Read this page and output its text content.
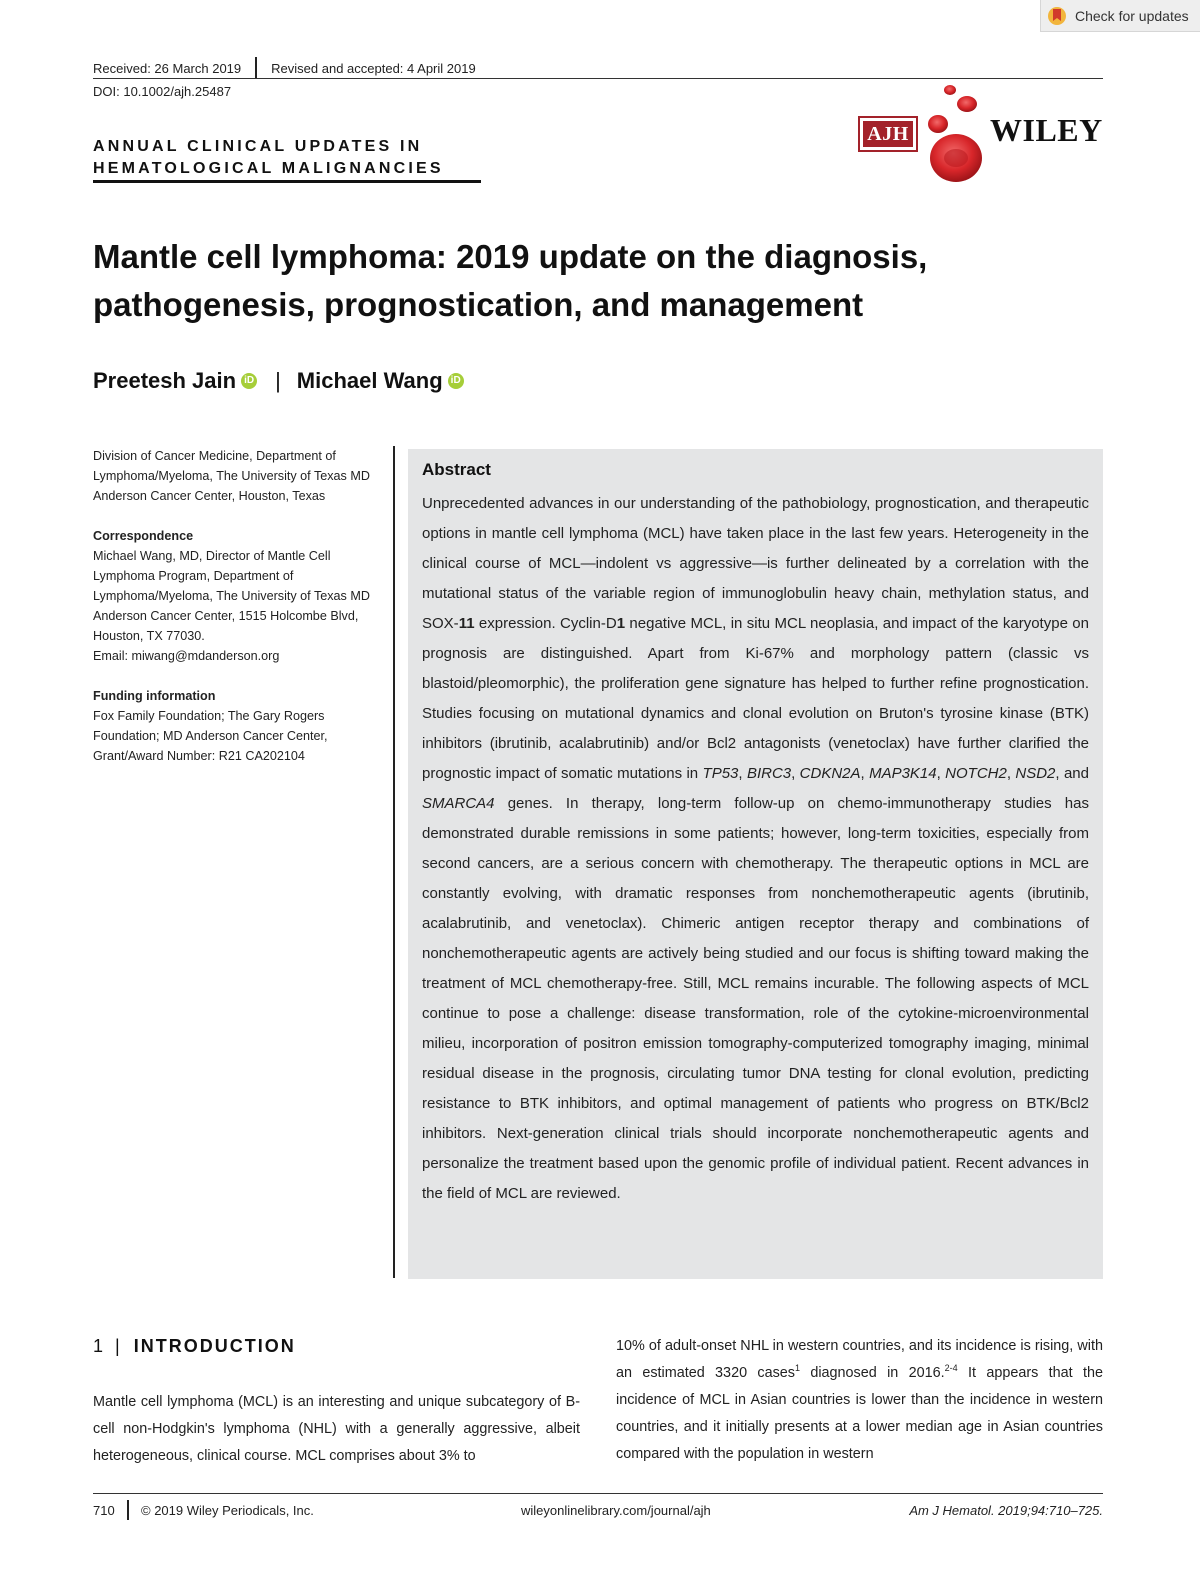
Check for updates
Received: 26 March 2019 Revised and accepted: 4 April 2019
DOI: 10.1002/ajh.25487
ANNUAL CLINICAL UPDATES IN
HEMATOLOGICAL MALIGNANCIES
AJH	WILEY
Mantle cell lymphoma: 2019 update on the diagnosis,
pathogenesis, prognostication, and management
Preetesh Jain iD | Michael Wang iD

Division of Cancer Medicine, Department of Lymphoma/Myeloma, The University of Texas MD Anderson Cancer Center, Houston, Texas

Correspondence
Michael Wang, MD, Director of Mantle Cell Lymphoma Program, Department of Lymphoma/Myeloma, The University of Texas MD Anderson Cancer Center, 1515 Holcombe Blvd, Houston, TX 77030.
Email: miwang@mdanderson.org

Funding information
Fox Family Foundation; The Gary Rogers Foundation; MD Anderson Cancer Center, Grant/Award Number: R21 CA202104

Abstract
Unprecedented advances in our understanding of the pathobiology, prognostication, and therapeutic options in mantle cell lymphoma (MCL) have taken place in the last few years. Heterogeneity in the clinical course of MCL—indolent vs aggressive—is further delineated by a correlation with the mutational status of the variable region of immunoglobulin heavy chain, methylation status, and SOX-11 expression. Cyclin-D1 negative MCL, in situ MCL neoplasia, and impact of the karyotype on prognosis are distinguished. Apart from Ki-67% and morphology pattern (classic vs blastoid/pleomorphic), the proliferation gene signature has helped to further refine prognostication. Studies focusing on mutational dynamics and clonal evolution on Bruton's tyrosine kinase (BTK) inhibitors (ibrutinib, acalabrutinib) and/or Bcl2 antagonists (venetoclax) have further clarified the prognostic impact of somatic mutations in TP53, BIRC3, CDKN2A, MAP3K14, NOTCH2, NSD2, and SMARCA4 genes. In therapy, long-term follow-up on chemo-immunotherapy studies has demonstrated durable remissions in some patients; however, long-term toxicities, especially from second cancers, are a serious concern with chemotherapy. The therapeutic options in MCL are constantly evolving, with dramatic responses from nonchemotherapeutic agents (ibrutinib, acalabrutinib, and venetoclax). Chimeric antigen receptor therapy and combinations of nonchemotherapeutic agents are actively being studied and our focus is shifting toward making the treatment of MCL chemotherapy-free. Still, MCL remains incurable. The following aspects of MCL continue to pose a challenge: disease transformation, role of the cytokine-microenvironmental milieu, incorporation of positron emission tomography-computerized tomography imaging, minimal residual disease in the prognosis, circulating tumor DNA testing for clonal evolution, predicting resistance to BTK inhibitors, and optimal management of patients who progress on BTK/Bcl2 inhibitors. Next-generation clinical trials should incorporate nonchemotherapeutic agents and personalize the treatment based upon the genomic profile of individual patient. Recent advances in the field of MCL are reviewed.
1 | INTRODUCTION

Mantle cell lymphoma (MCL) is an interesting and unique subcategory of B-cell non-Hodgkin's lymphoma (NHL) with a generally aggressive, albeit heterogeneous, clinical course. MCL comprises about 3% to

10% of adult-onset NHL in western countries, and its incidence is rising, with an estimated 3320 cases$^1$ diagnosed in 2016.$^{2-4}$ It appears that the incidence of MCL in Asian countries is lower than the incidence in western countries, and it initially presents at a lower median age in Asian countries compared with the population in western

710	© 2019 Wiley Periodicals, Inc.	wileyonlinelibrary.com/journal/ajh	Am J Hematol. 2019;94:710–725.
